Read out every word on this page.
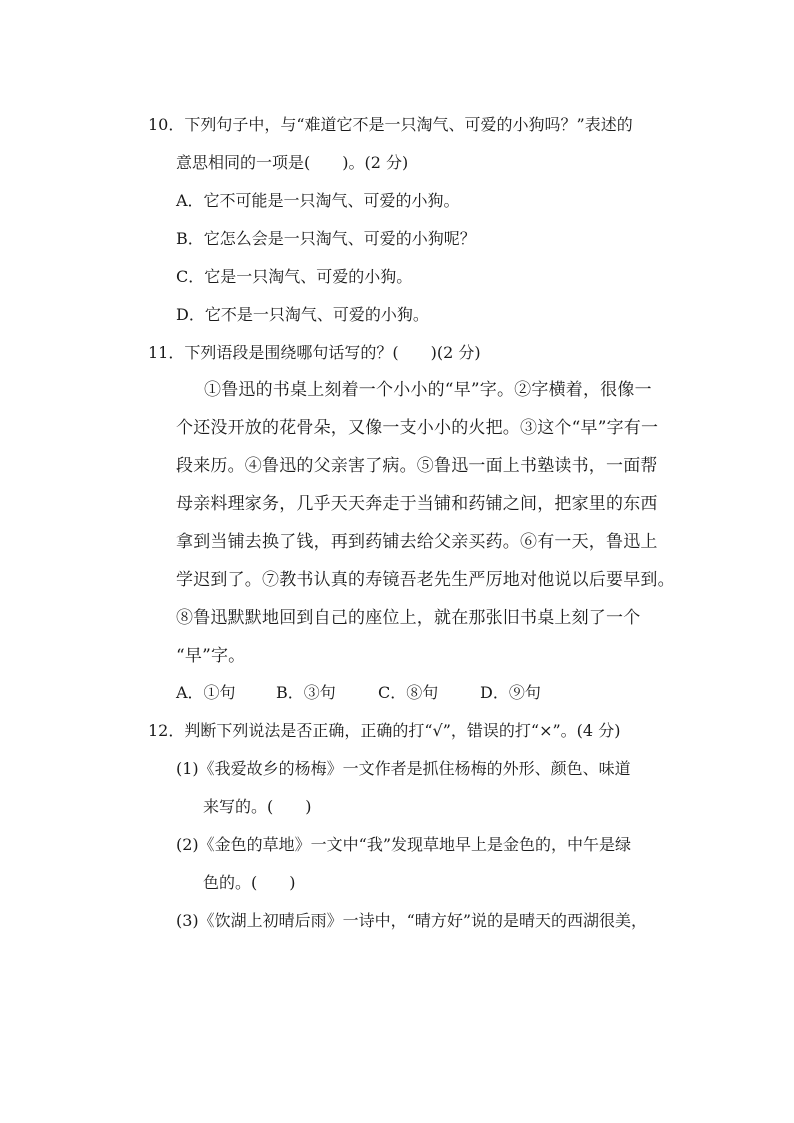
10．下列句子中，与“难道它不是一只淘气、可爱的小狗吗？”表述的
意思相同的一项是(　　)。(2 分)
A．它不可能是一只淘气、可爱的小狗。
B．它怎么会是一只淘气、可爱的小狗呢？
C．它是一只淘气、可爱的小狗。
D．它不是一只淘气、可爱的小狗。
11．下列语段是围绕哪句话写的？(　　)(2 分)
①鲁迅的书桌上刻着一个小小的“早”字。②字横着，很像一
个还没开放的花骨朵，又像一支小小的火把。③这个“早”字有一
段来历。④鲁迅的父亲害了病。⑤鲁迅一面上书塾读书，一面帮
母亲料理家务，几乎天天奔走于当铺和药铺之间，把家里的东西
拿到当铺去换了钱，再到药铺去给父亲买药。⑥有一天，鲁迅上
学迟到了。⑦教书认真的寿镜吾老先生严厉地对他说以后要早到。
⑧鲁迅默默地回到自己的座位上，就在那张旧书桌上刻了一个
“早”字。
A．①句	B．③句	C．⑧句	D．⑨句
12．判断下列说法是否正确，正确的打“√”，错误的打“×”。(4 分)
(1)《我爱故乡的杨梅》一文作者是抓住杨梅的外形、颜色、味道
来写的。(　　)
(2)《金色的草地》一文中“我”发现草地早上是金色的，中午是绿
色的。(　　)
(3)《饮湖上初晴后雨》一诗中，“晴方好”说的是晴天的西湖很美，
